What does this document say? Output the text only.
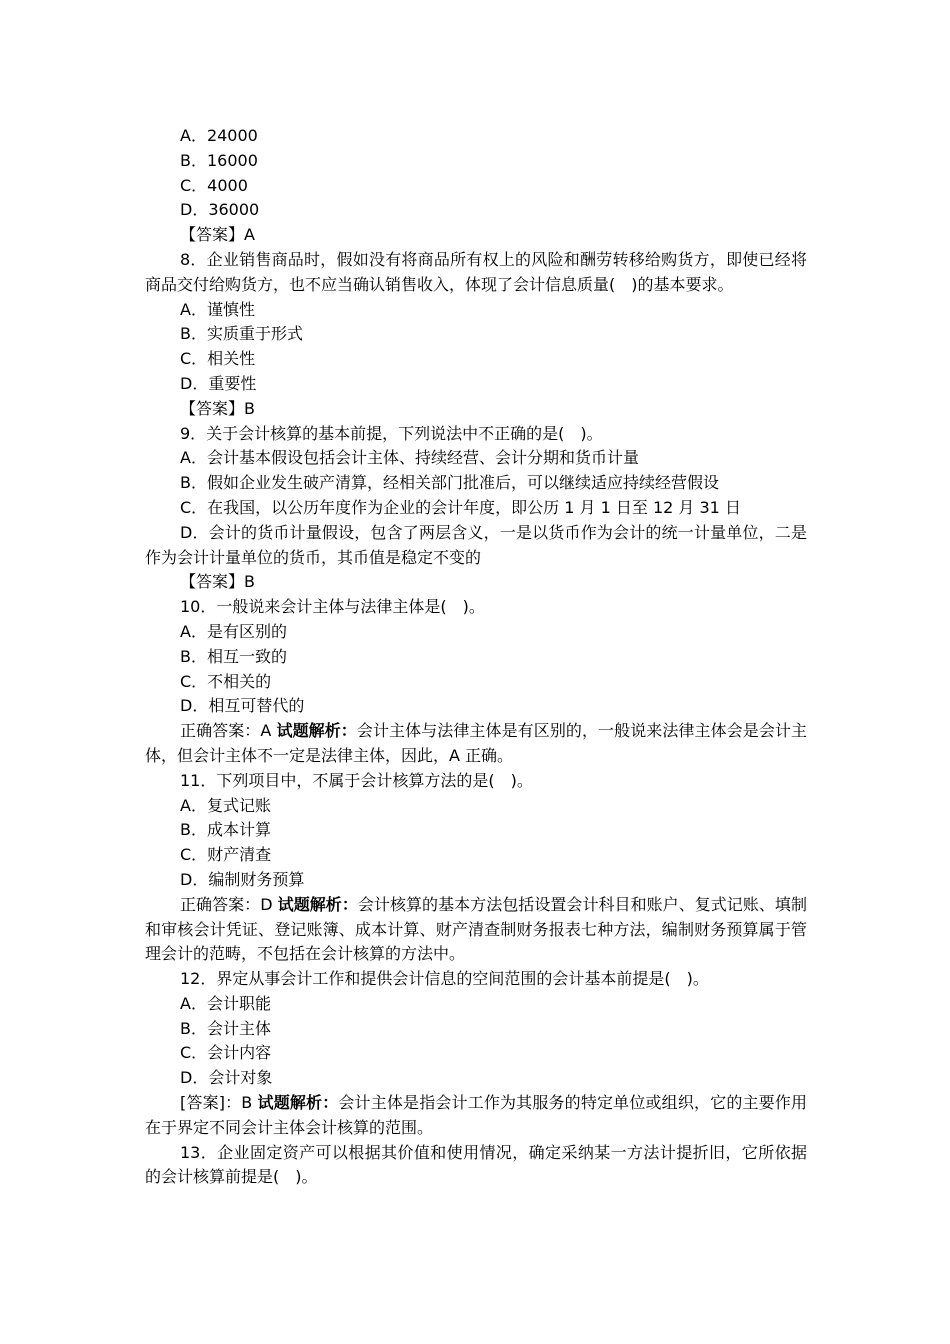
A．24000

B．16000

C．4000

D．36000

【答案】A

8．企业销售商品时，假如没有将商品所有权上的风险和酬劳转移给购货方，即使已经将商品交付给购货方，也不应当确认销售收入，体现了会计信息质量(　)的基本要求。

A．谨慎性

B．实质重于形式

C．相关性

D．重要性

【答案】B

9．关于会计核算的基本前提，下列说法中不正确的是(　)。

A．会计基本假设包括会计主体、持续经营、会计分期和货币计量

B．假如企业发生破产清算，经相关部门批准后，可以继续适应持续经营假设

C．在我国，以公历年度作为企业的会计年度，即公历 1 月 1 日至 12 月 31 日

D．会计的货币计量假设，包含了两层含义，一是以货币作为会计的统一计量单位，二是作为会计计量单位的货币，其币值是稳定不变的

【答案】B

10．一般说来会计主体与法律主体是(　)。

A．是有区别的

B．相互一致的

C．不相关的

D．相互可替代的

正确答案：A 试题解析：会计主体与法律主体是有区别的，一般说来法律主体会是会计主体，但会计主体不一定是法律主体，因此，A 正确。

11．下列项目中，不属于会计核算方法的是(　)。

A．复式记账

B．成本计算

C．财产清查

D．编制财务预算

正确答案：D 试题解析：会计核算的基本方法包括设置会计科目和账户、复式记账、填制和审核会计凭证、登记账簿、成本计算、财产清查制财务报表七种方法，编制财务预算属于管理会计的范畴，不包括在会计核算的方法中。

12．界定从事会计工作和提供会计信息的空间范围的会计基本前提是(　)。

A．会计职能

B．会计主体

C．会计内容

D．会计对象

[答案]：B 试题解析：会计主体是指会计工作为其服务的特定单位或组织，它的主要作用在于界定不同会计主体会计核算的范围。

13．企业固定资产可以根据其价值和使用情况，确定采纳某一方法计提折旧，它所依据的会计核算前提是(　)。
